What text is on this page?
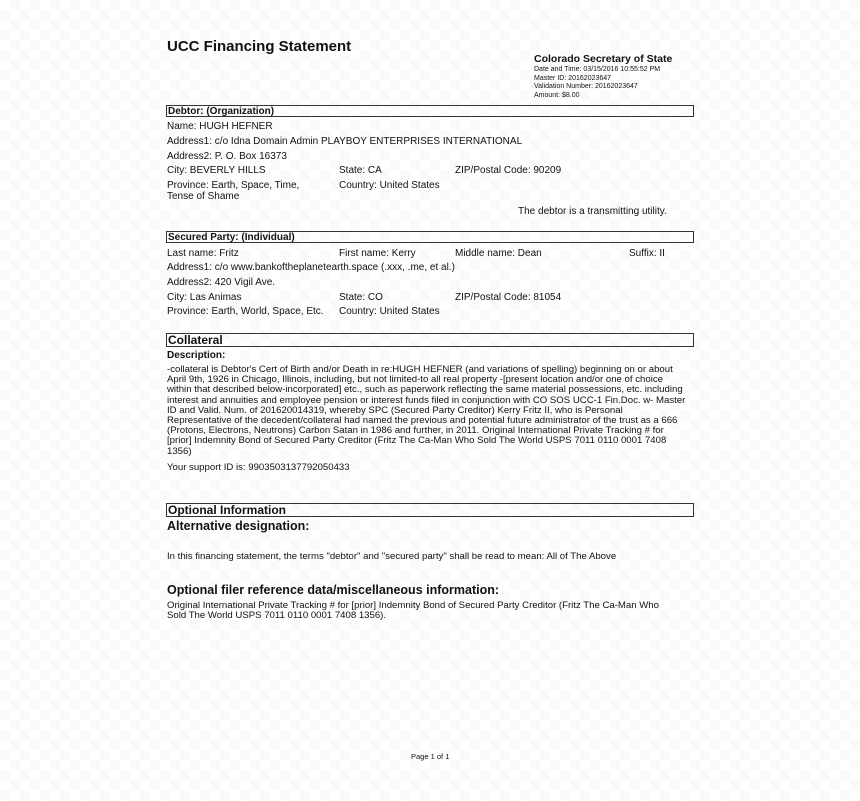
UCC Financing Statement
Colorado Secretary of State
Date and Time: 03/15/2016 10:55:52 PM
Master ID: 20162023647
Validation Number: 20162023647
Amount: $8.00
Debtor: (Organization)
Name: HUGH HEFNER
Address1: c/o Idna Domain Admin PLAYBOY ENTERPRISES INTERNATIONAL
Address2: P. O. Box 16373
City: BEVERLY HILLS	State: CA	ZIP/Postal Code: 90209
Province: Earth, Space, Time,
Tense of Shame
Country: United States
The debtor is a transmitting utility.
Secured Party: (Individual)
Last name: Fritz	First name: Kerry	Middle name: Dean	Suffix: II
Address1: c/o www.bankoftheplanetearth.space (.xxx, .me, et al.)
Address2: 420 Vigil Ave.
City: Las Animas	State: CO	ZIP/Postal Code: 81054
Province: Earth, World, Space, Etc. Country: United States
Collateral
Description:
-collateral is Debtor's Cert of Birth and/or Death in re:HUGH HEFNER (and variations of spelling) beginning on or about April 9th, 1926 in Chicago, Illinois, including, but not limited-to all real property -[present location and/or one of choice within that described below-incorporated] etc., such as paperwork reflecting the same material possessions, etc. including interest and annuities and employee pension or interest funds filed in conjunction with CO SOS UCC-1 Fin.Doc. w- Master ID and Valid. Num. of 201620014319, whereby SPC (Secured Party Creditor) Kerry Fritz II, who is Personal Representative of the decedent/collateral had named the previous and potential future administrator of the trust as a 666 (Protons, Electrons, Neutrons) Carbon Satan in 1986 and further, in 2011. Original International Private Tracking # for [prior] Indemnity Bond of Secured Party Creditor (Fritz The Ca-Man Who Sold The World USPS 7011 0110 0001 7408 1356)
Your support ID is: 9903503137792050433
Optional Information
Alternative designation:
In this financing statement, the terms "debtor" and "secured party" shall be read to mean: All of The Above
Optional filer reference data/miscellaneous information:
Original International Private Tracking # for [prior] Indemnity Bond of Secured Party Creditor (Fritz The Ca-Man Who Sold The World USPS 7011 0110 0001 7408 1356).
Page 1 of 1
